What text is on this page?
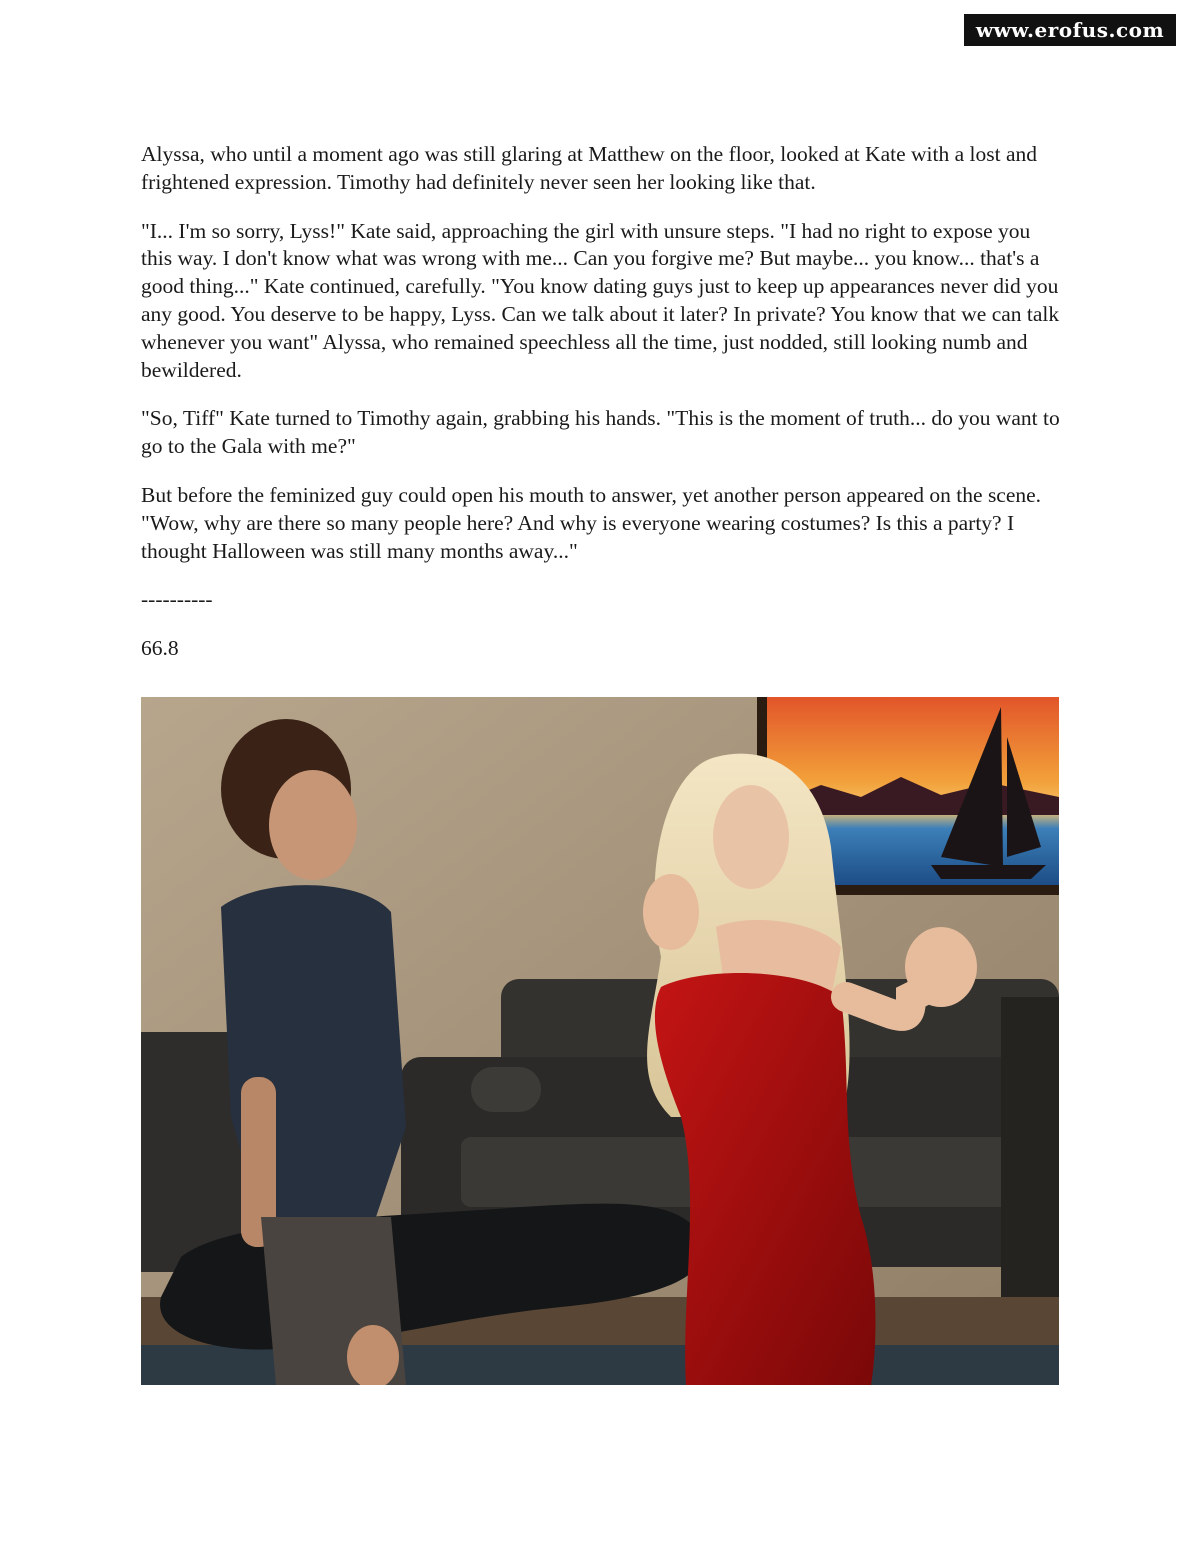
www.erofus.com

Alyssa, who until a moment ago was still glaring at Matthew on the floor, looked at Kate with a lost and frightened expression. Timothy had definitely never seen her looking like that.

"I... I'm so sorry, Lyss!" Kate said, approaching the girl with unsure steps. "I had no right to expose you this way. I don't know what was wrong with me... Can you forgive me? But maybe... you know... that's a good thing..." Kate continued, carefully. "You know dating guys just to keep up appearances never did you any good. You deserve to be happy, Lyss. Can we talk about it later? In private? You know that we can talk whenever you want" Alyssa, who remained speechless all the time, just nodded, still looking numb and bewildered.

"So, Tiff" Kate turned to Timothy again, grabbing his hands. "This is the moment of truth... do you want to go to the Gala with me?"

But before the feminized guy could open his mouth to answer, yet another person appeared on the scene. "Wow, why are there so many people here? And why is everyone wearing costumes? Is this a party? I thought Halloween was still many months away..."

----------

66.8
